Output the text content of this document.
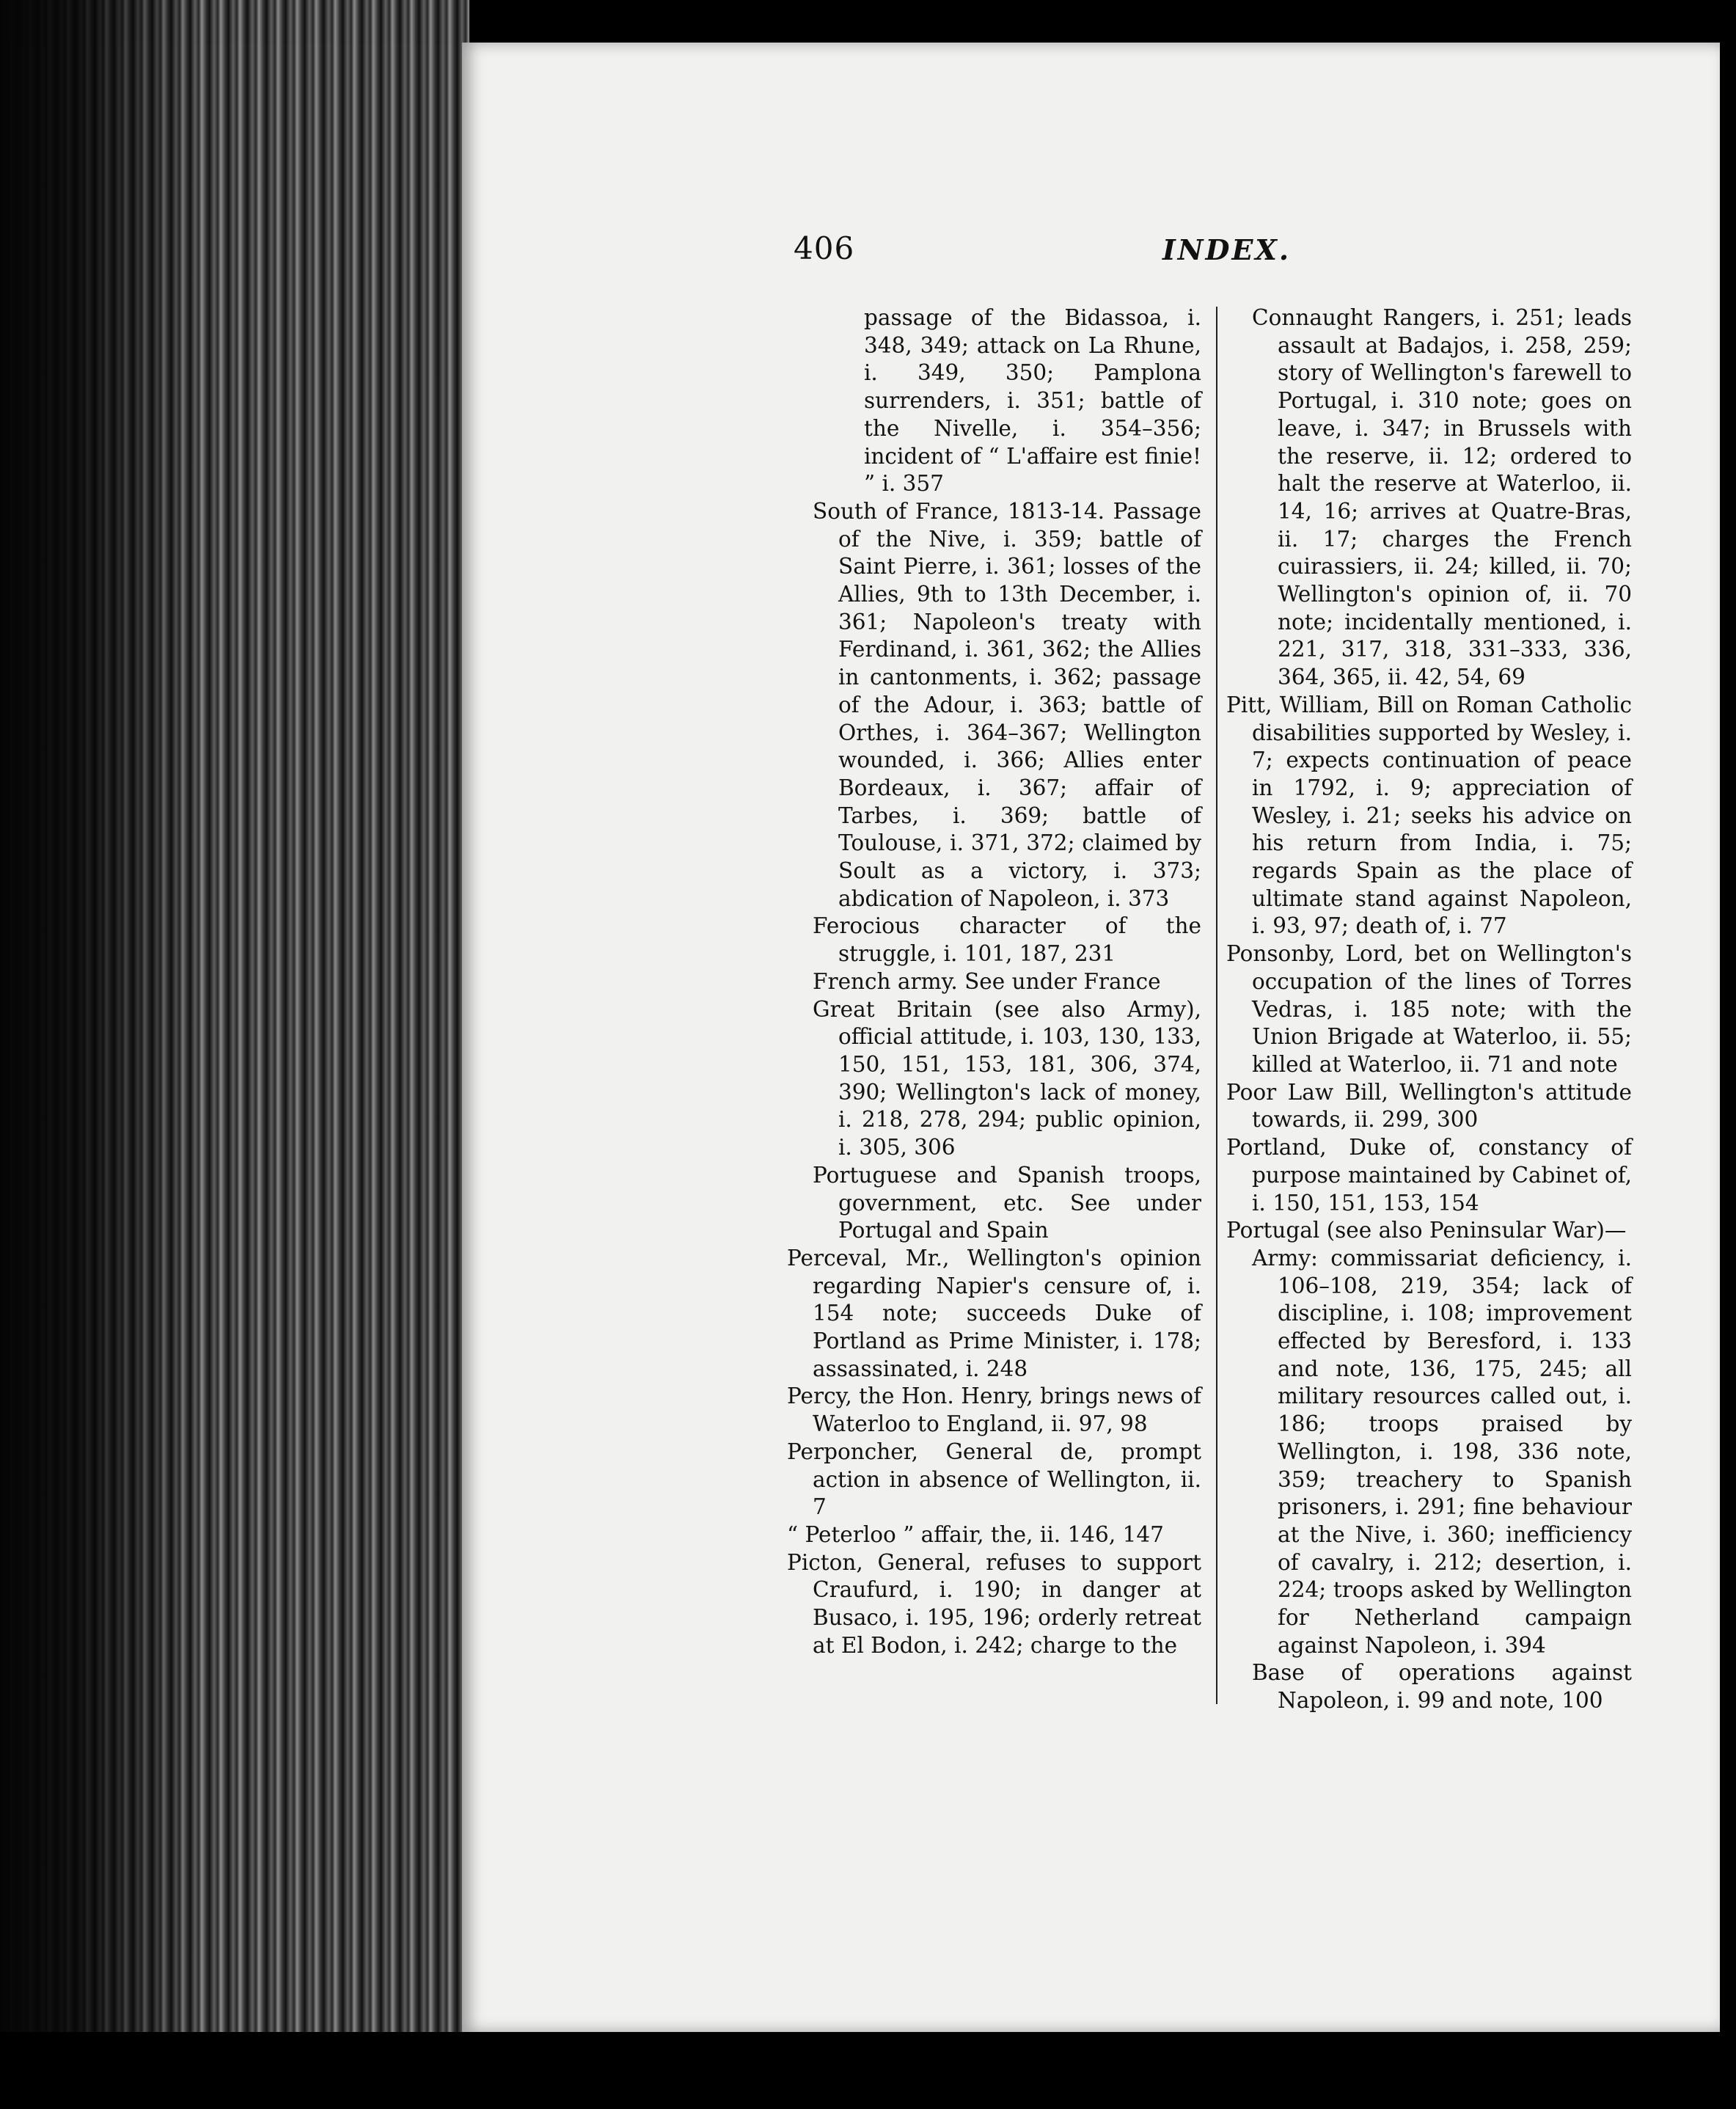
406	INDEX.

passage of the Bidassoa, i. 348, 349; attack on La Rhune, i. 349, 350; Pamplona surrenders, i. 351; battle of the Nivelle, i. 354–356; incident of “ L'affaire est finie! ” i. 357

South of France, 1813-14. Passage of the Nive, i. 359; battle of Saint Pierre, i. 361; losses of the Allies, 9th to 13th December, i. 361; Napoleon's treaty with Ferdinand, i. 361, 362; the Allies in cantonments, i. 362; passage of the Adour, i. 363; battle of Orthes, i. 364–367; Wellington wounded, i. 366; Allies enter Bordeaux, i. 367; affair of Tarbes, i. 369; battle of Toulouse, i. 371, 372; claimed by Soult as a victory, i. 373; abdication of Napoleon, i. 373

Ferocious character of the struggle, i. 101, 187, 231

French army. See under France

Great Britain (see also Army), official attitude, i. 103, 130, 133, 150, 151, 153, 181, 306, 374, 390; Wellington's lack of money, i. 218, 278, 294; public opinion, i. 305, 306

Portuguese and Spanish troops, government, etc. See under Portugal and Spain

Perceval, Mr., Wellington's opinion regarding Napier's censure of, i. 154 note; succeeds Duke of Portland as Prime Minister, i. 178; assassinated, i. 248

Percy, the Hon. Henry, brings news of Waterloo to England, ii. 97, 98

Perponcher, General de, prompt action in absence of Wellington, ii. 7

“ Peterloo ” affair, the, ii. 146, 147

Picton, General, refuses to support Craufurd, i. 190; in danger at Busaco, i. 195, 196; orderly retreat at El Bodon, i. 242; charge to the

Connaught Rangers, i. 251; leads assault at Badajos, i. 258, 259; story of Wellington's farewell to Portugal, i. 310 note; goes on leave, i. 347; in Brussels with the reserve, ii. 12; ordered to halt the reserve at Waterloo, ii. 14, 16; arrives at Quatre-Bras, ii. 17; charges the French cuirassiers, ii. 24; killed, ii. 70; Wellington's opinion of, ii. 70 note; incidentally mentioned, i. 221, 317, 318, 331–333, 336, 364, 365, ii. 42, 54, 69

Pitt, William, Bill on Roman Catholic disabilities supported by Wesley, i. 7; expects continuation of peace in 1792, i. 9; appreciation of Wesley, i. 21; seeks his advice on his return from India, i. 75; regards Spain as the place of ultimate stand against Napoleon, i. 93, 97; death of, i. 77

Ponsonby, Lord, bet on Wellington's occupation of the lines of Torres Vedras, i. 185 note; with the Union Brigade at Waterloo, ii. 55; killed at Waterloo, ii. 71 and note

Poor Law Bill, Wellington's attitude towards, ii. 299, 300

Portland, Duke of, constancy of purpose maintained by Cabinet of, i. 150, 151, 153, 154

Portugal (see also Peninsular War)—

Army: commissariat deficiency, i. 106–108, 219, 354; lack of discipline, i. 108; improvement effected by Beresford, i. 133 and note, 136, 175, 245; all military resources called out, i. 186; troops praised by Wellington, i. 198, 336 note, 359; treachery to Spanish prisoners, i. 291; fine behaviour at the Nive, i. 360; inefficiency of cavalry, i. 212; desertion, i. 224; troops asked by Wellington for Netherland campaign against Napoleon, i. 394

Base of operations against Napoleon, i. 99 and note, 100
